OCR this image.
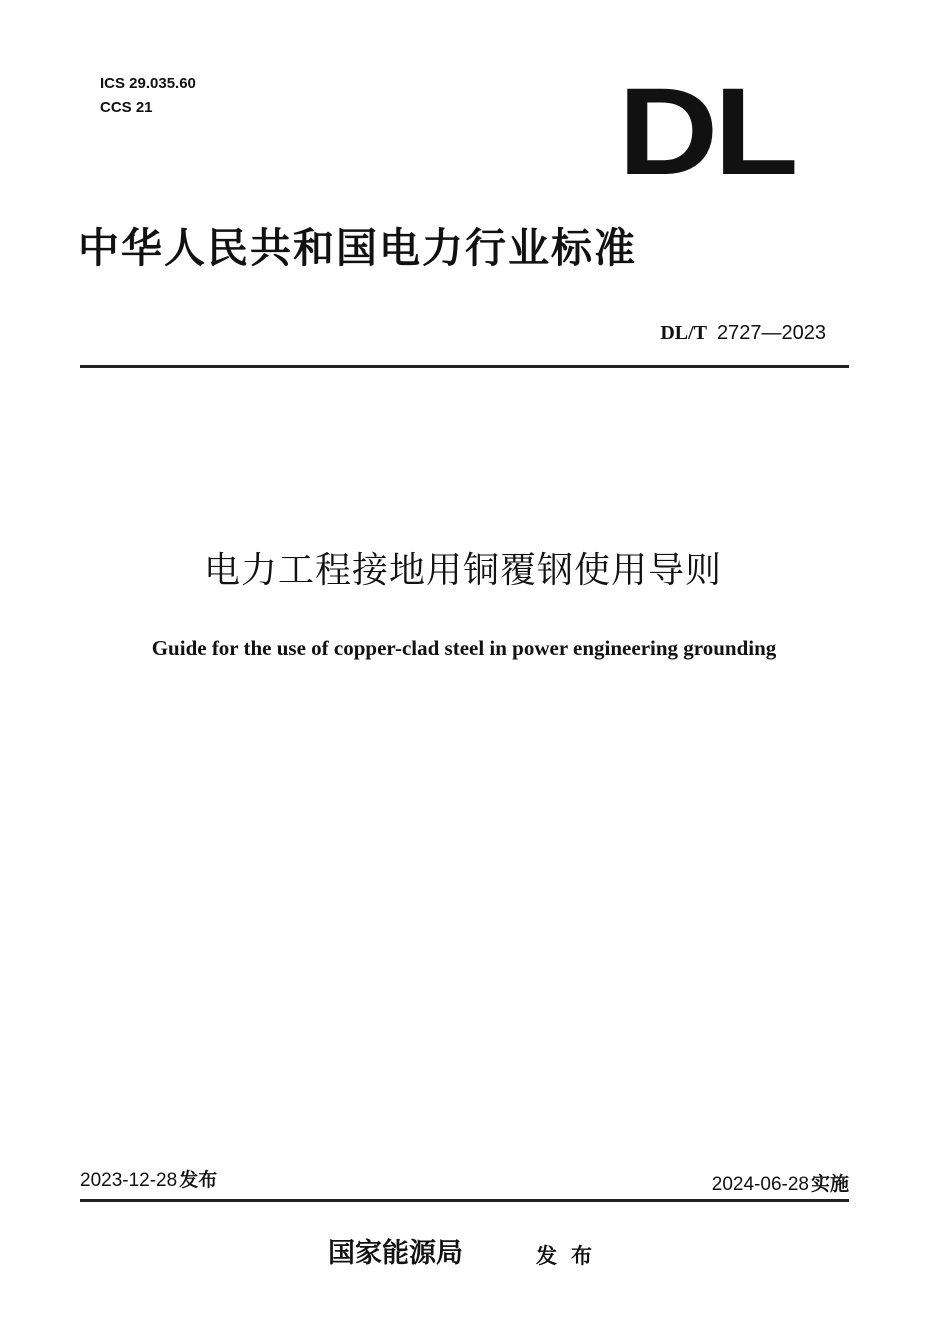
ICS 29.035.60
CCS 21	DL
中华人民共和国电力行业标准
DL/T 2727—2023
电力工程接地用铜覆钢使用导则
Guide for the use of copper-clad steel in power engineering grounding
2023-12-28 发布	2024-06-28 实施
国家能源局	发布
